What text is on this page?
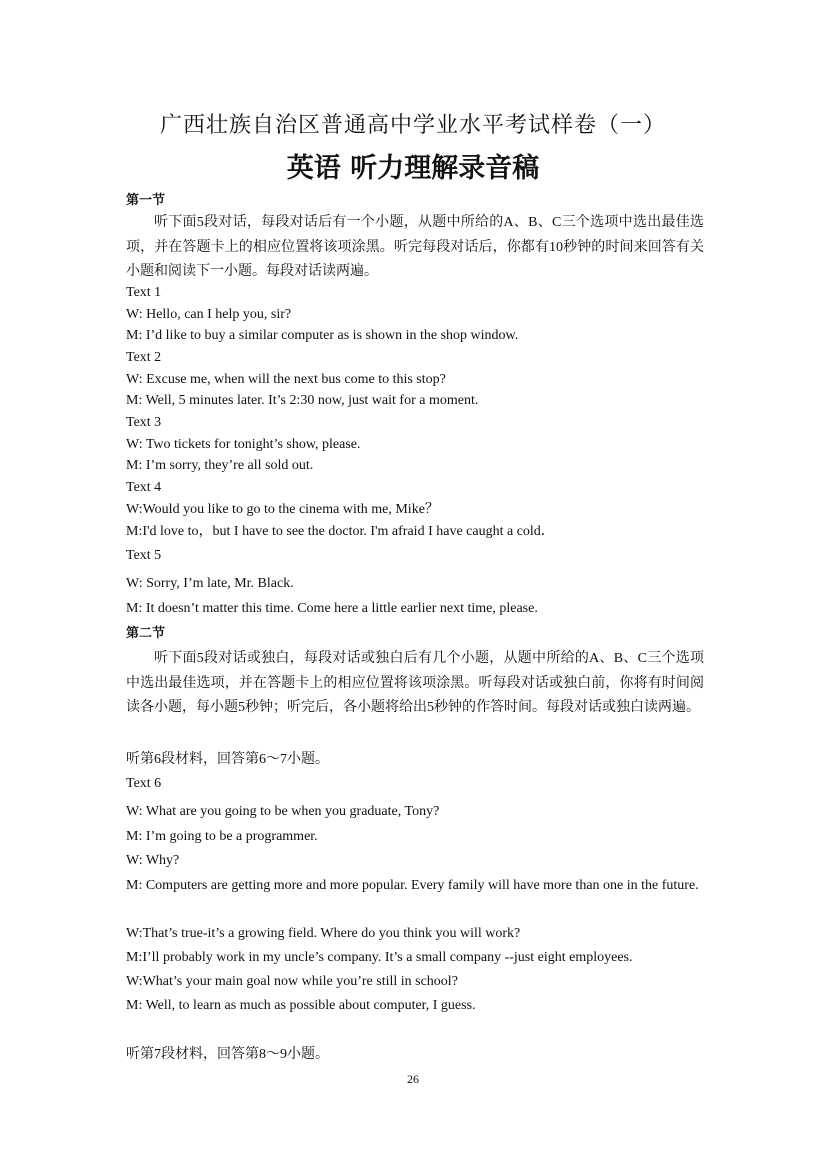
广西壮族自治区普通高中学业水平考试样卷（一）
英语 听力理解录音稿
第一节
听下面5段对话，每段对话后有一个小题，从题中所给的A、B、C三个选项中选出最佳选项，并在答题卡上的相应位置将该项涂黑。听完每段对话后，你都有10秒钟的时间来回答有关小题和阅读下一小题。每段对话读两遍。
Text 1
W: Hello, can I help you, sir?
M: I’d like to buy a similar computer as is shown in the shop window.
Text 2
W: Excuse me, when will the next bus come to this stop?
M: Well, 5 minutes later. It’s 2:30 now, just wait for a moment.
Text 3
W: Two tickets for tonight’s show, please.
M: I’m sorry, they’re all sold out.
Text 4
W:Would you like to go to the cinema with me, Mike？
M:I'd love to，but I have to see the doctor. I'm afraid I have caught a cold．
Text 5
W: Sorry, I’m late, Mr. Black.
M: It doesn’t matter this time. Come here a little earlier next time, please.
第二节
听下面5段对话或独白，每段对话或独白后有几个小题，从题中所给的A、B、C三个选项中选出最佳选项，并在答题卡上的相应位置将该项涂黑。听每段对话或独白前，你将有时间阅读各小题，每小题5秒钟；听完后，各小题将给出5秒钟的作答时间。每段对话或独白读两遍。
听第6段材料，回答第6～7小题。
Text 6
W: What are you going to be when you graduate, Tony?
M: I’m going to be a programmer.
W: Why?
M: Computers are getting more and more popular. Every family will have more than one in the future.
W:That’s true-it’s a growing field. Where do you think you will work?
M:I’ll probably work in my uncle’s company. It’s a small company --just eight employees.
W:What’s your main goal now while you’re still in school?
M: Well, to learn as much as possible about computer, I guess.
听第7段材料，回答第8～9小题。
26
